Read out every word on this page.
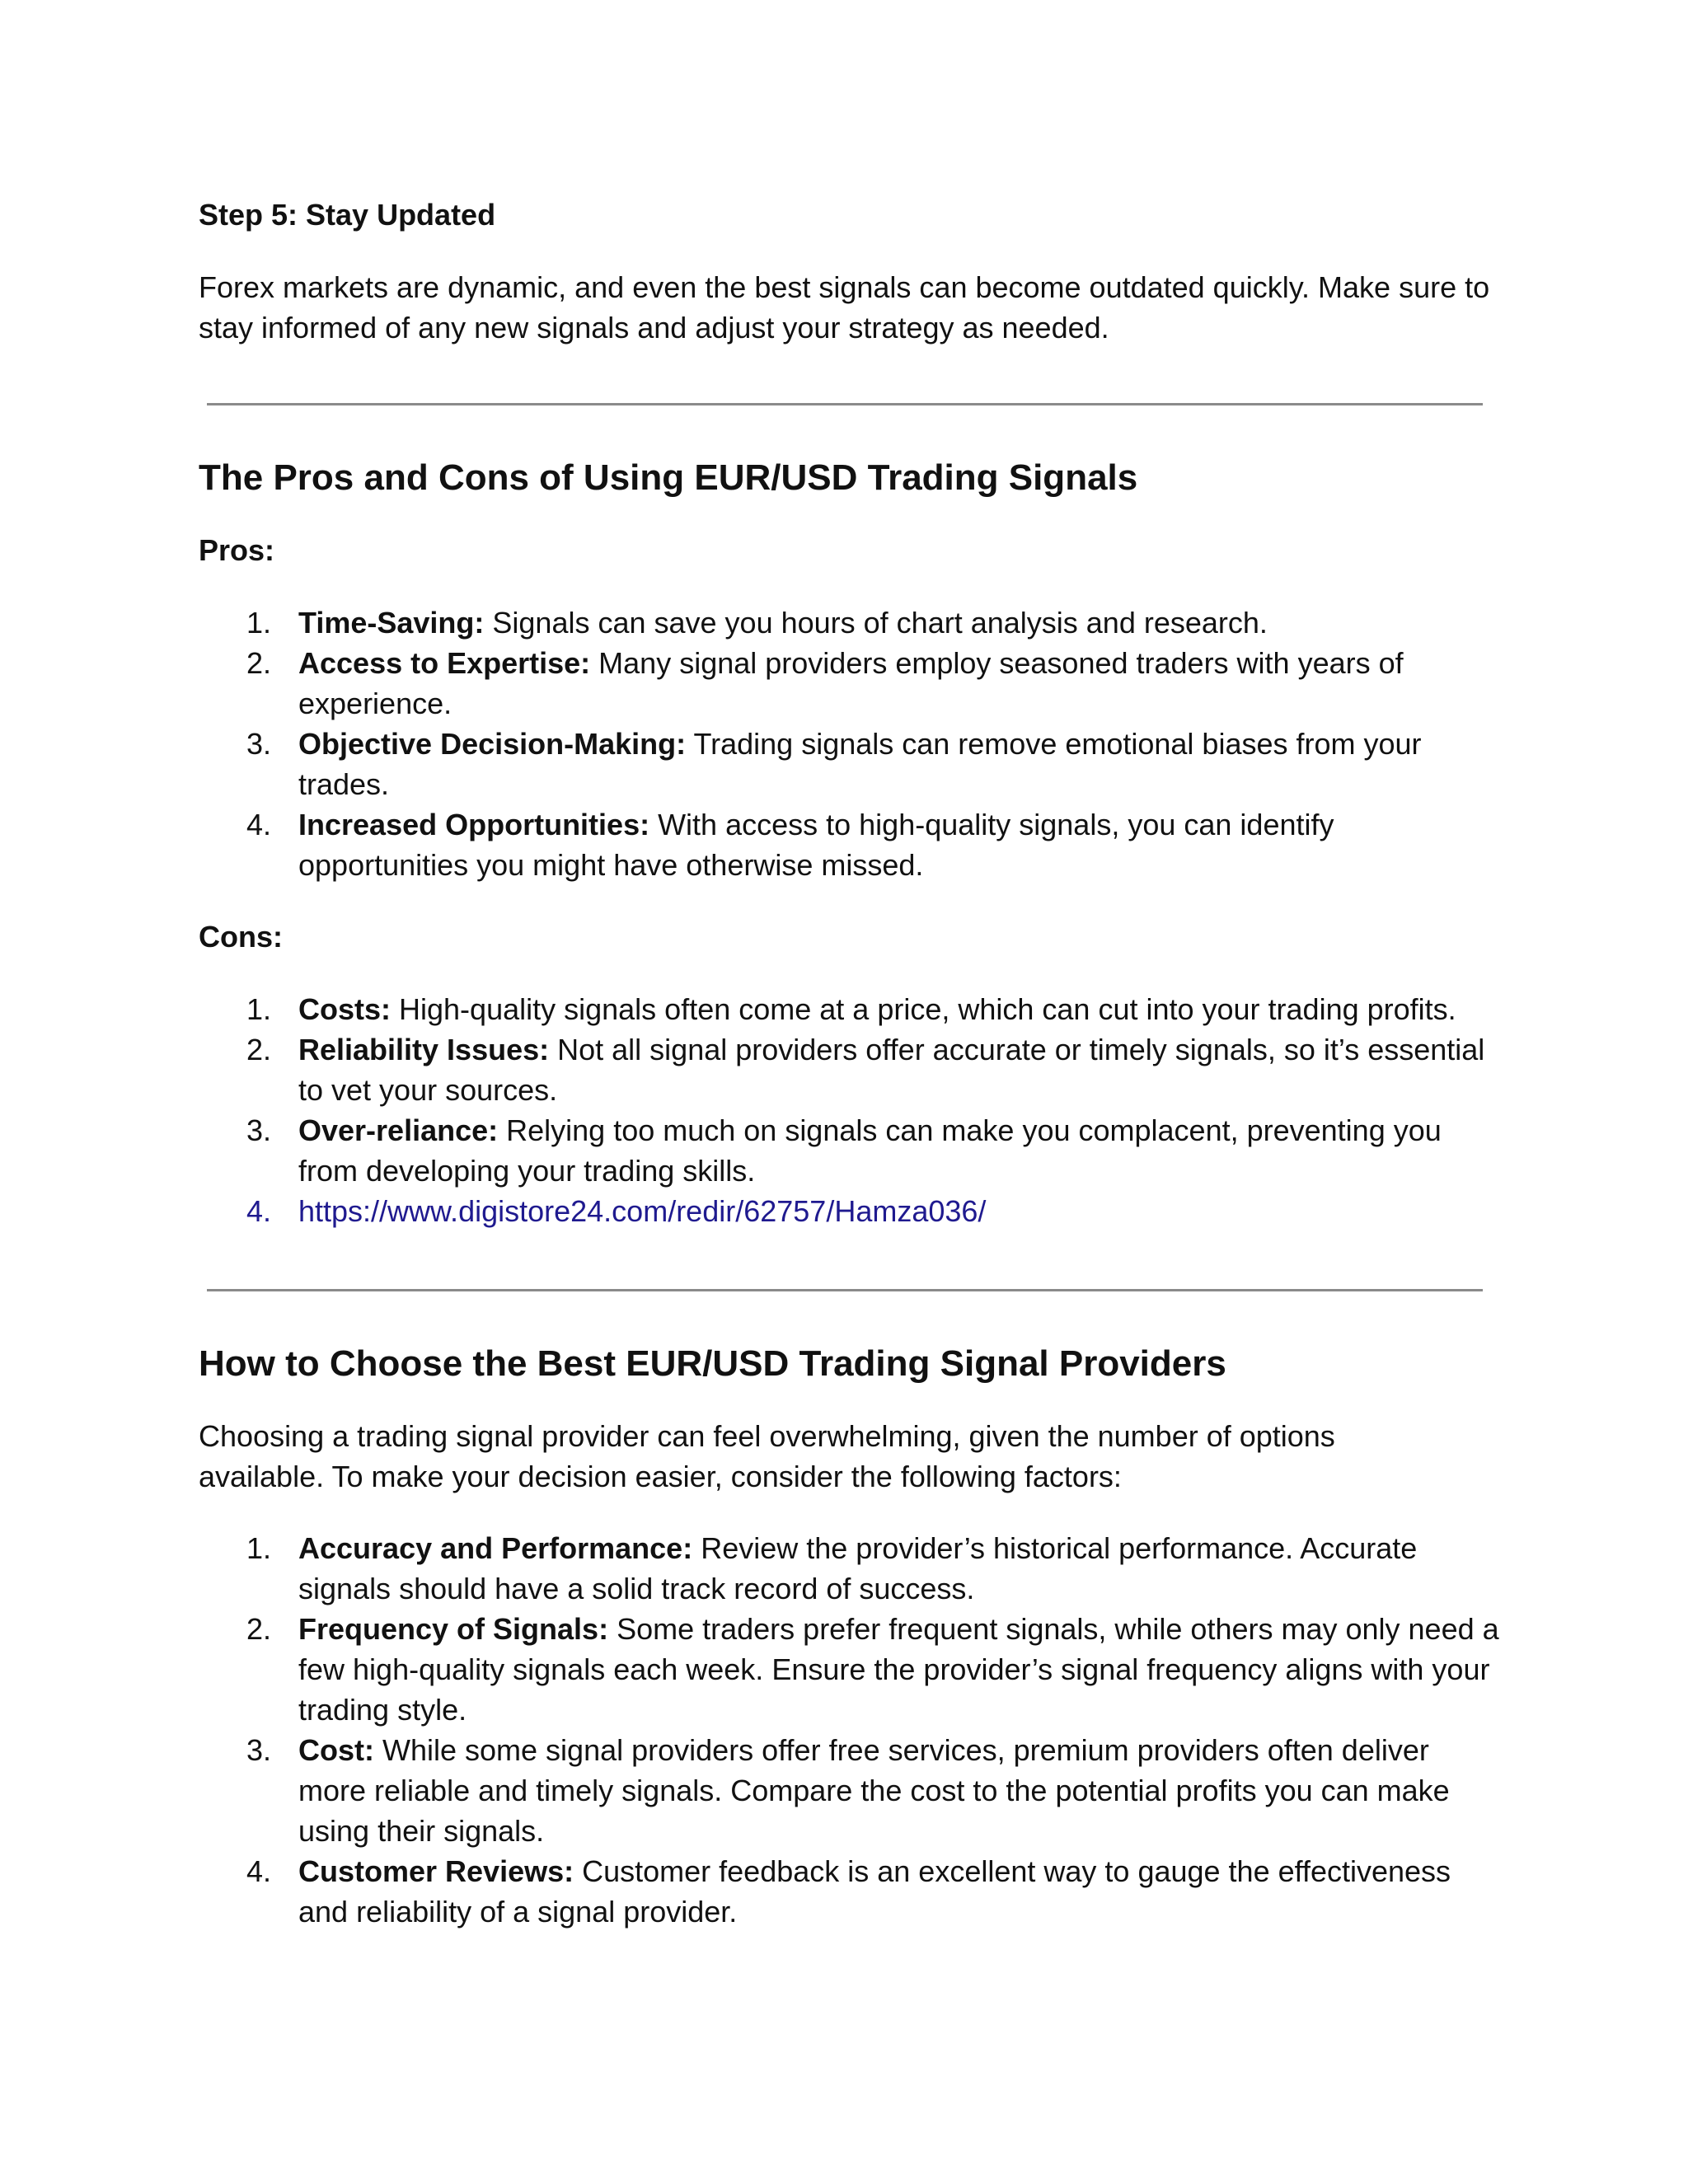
Step 5: Stay Updated

Forex markets are dynamic, and even the best signals can become outdated quickly. Make sure to stay informed of any new signals and adjust your strategy as needed.

The Pros and Cons of Using EUR/USD Trading Signals

Pros:

1. Time-Saving: Signals can save you hours of chart analysis and research.
2. Access to Expertise: Many signal providers employ seasoned traders with years of experience.
3. Objective Decision-Making: Trading signals can remove emotional biases from your trades.
4. Increased Opportunities: With access to high-quality signals, you can identify opportunities you might have otherwise missed.

Cons:

1. Costs: High-quality signals often come at a price, which can cut into your trading profits.
2. Reliability Issues: Not all signal providers offer accurate or timely signals, so it’s essential to vet your sources.
3. Over-reliance: Relying too much on signals can make you complacent, preventing you from developing your trading skills.
4. https://www.digistore24.com/redir/62757/Hamza036/
How to Choose the Best EUR/USD Trading Signal Providers

Choosing a trading signal provider can feel overwhelming, given the number of options available. To make your decision easier, consider the following factors:

1. Accuracy and Performance: Review the provider’s historical performance. Accurate signals should have a solid track record of success.
2. Frequency of Signals: Some traders prefer frequent signals, while others may only need a few high-quality signals each week. Ensure the provider’s signal frequency aligns with your trading style.
3. Cost: While some signal providers offer free services, premium providers often deliver more reliable and timely signals. Compare the cost to the potential profits you can make using their signals.
4. Customer Reviews: Customer feedback is an excellent way to gauge the effectiveness and reliability of a signal provider.
